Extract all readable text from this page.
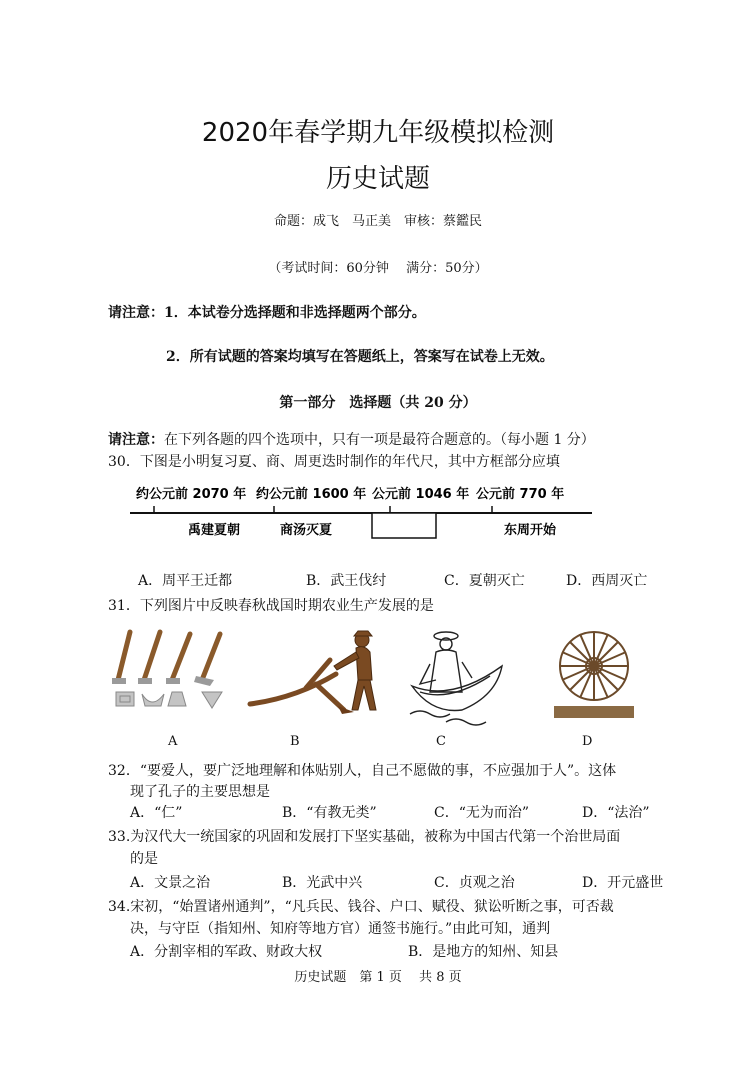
2020年春学期九年级模拟检测
历史试题
命题：成飞　马正美　审核：蔡鑑民
（考试时间：60分钟　 满分：50分）
请注意：1．本试卷分选择题和非选择题两个部分。
2．所有试题的答案均填写在答题纸上，答案写在试卷上无效。
第一部分　选择题（共 20 分）
请注意：在下列各题的四个选项中，只有一项是最符合题意的。（每小题 1 分）
30．下图是小明复习夏、商、周更迭时制作的年代尺，其中方框部分应填
约公元前 2070 年 约公元前 1600 年 公元前 1046 年 公元前 770 年
禹建夏朝	商汤灭夏	东周开始
A．周平王迁都	B．武王伐纣	C．夏朝灭亡	D．西周灭亡
31．下列图片中反映春秋战国时期农业生产发展的是
A	B	C	D
32．“要爱人，要广泛地理解和体贴别人，自己不愿做的事，不应强加于人”。这体
现了孔子的主要思想是
A．“仁”	B．“有教无类”	C．“无为而治”	D．“法治”
33.为汉代大一统国家的巩固和发展打下坚实基础，被称为中国古代第一个治世局面
的是
A．文景之治	B．光武中兴	C．贞观之治	D．开元盛世
34.宋初，“始置诸州通判”，“凡兵民、钱谷、户口、赋役、狱讼听断之事，可否裁
决，与守臣（指知州、知府等地方官）通签书施行。”由此可知，通判
A．分割宰相的军政、财政大权	B．是地方的知州、知县
历史试题　第 1 页　 共 8 页
